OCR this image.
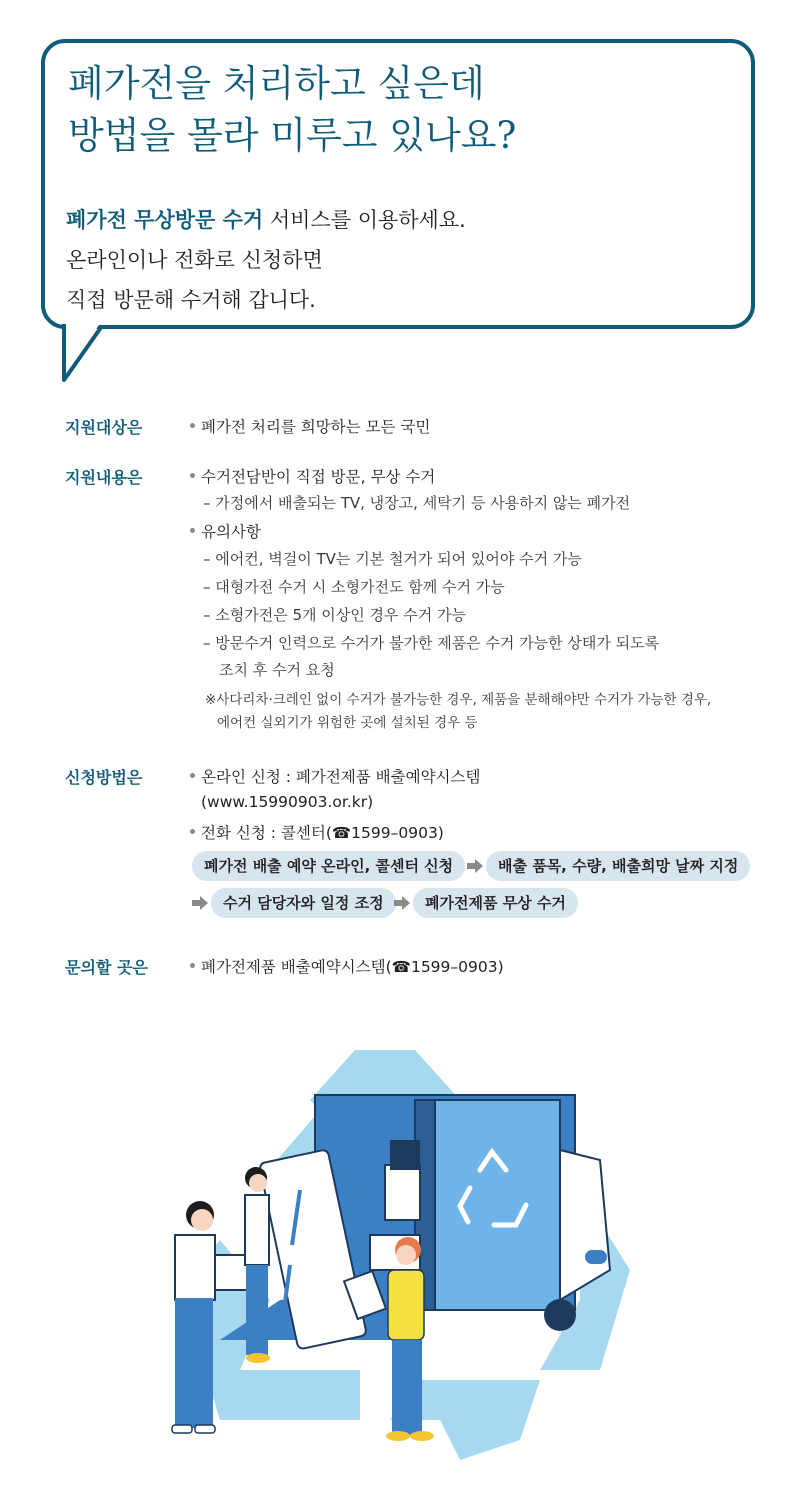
폐가전을 처리하고 싶은데
방법을 몰라 미루고 있나요?
폐가전 무상방문 수거 서비스를 이용하세요.
온라인이나 전화로 신청하면
직접 방문해 수거해 갑니다.
지원대상은	폐가전 처리를 희망하는 모든 국민
지원내용은	수거전담반이 직접 방문, 무상 수거
– 가정에서 배출되는 TV, 냉장고, 세탁기 등 사용하지 않는 폐가전
유의사항
– 에어컨, 벽걸이 TV는 기본 철거가 되어 있어야 수거 가능
– 대형가전 수거 시 소형가전도 함께 수거 가능
– 소형가전은 5개 이상인 경우 수거 가능
– 방문수거 인력으로 수거가 불가한 제품은 수거 가능한 상태가 되도록
조치 후 수거 요청
※사다리차·크레인 없이 수거가 불가능한 경우, 제품을 분해해야만 수거가 가능한 경우,
에어컨 실외기가 위험한 곳에 설치된 경우 등
신청방법은	온라인 신청 : 폐가전제품 배출예약시스템
(www.15990903.or.kr)
전화 신청 : 콜센터(☎1599–0903)
폐가전 배출 예약 온라인, 콜센터 신청	배출 품목, 수량, 배출희망 날짜 지정
수거 담당자와 일정 조정	폐가전제품 무상 수거
문의할 곳은	폐가전제품 배출예약시스템(☎1599–0903)
